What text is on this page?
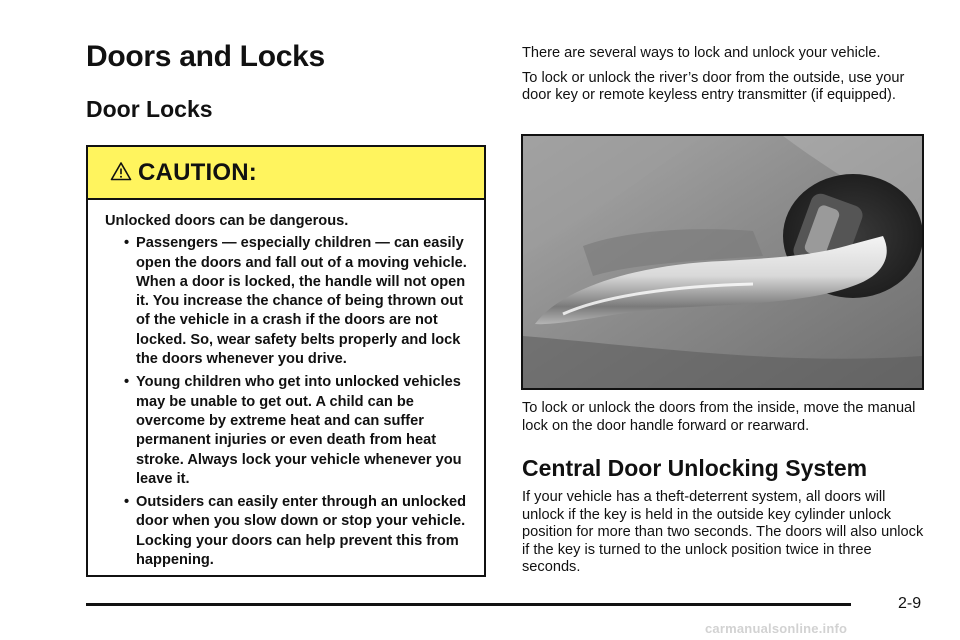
Doors and Locks
Door Locks
CAUTION:
Unlocked doors can be dangerous.
• Passengers — especially children — can easily open the doors and fall out of a moving vehicle. When a door is locked, the handle will not open it. You increase the chance of being thrown out of the vehicle in a crash if the doors are not locked. So, wear safety belts properly and lock the doors whenever you drive.
• Young children who get into unlocked vehicles may be unable to get out. A child can be overcome by extreme heat and can suffer permanent injuries or even death from heat stroke. Always lock your vehicle whenever you leave it.
• Outsiders can easily enter through an unlocked door when you slow down or stop your vehicle. Locking your doors can help prevent this from happening.

There are several ways to lock and unlock your vehicle.

To lock or unlock the river’s door from the outside, use your door key or remote keyless entry transmitter (if equipped).

To lock or unlock the doors from the inside, move the manual lock on the door handle forward or rearward.

Central Door Unlocking System

If your vehicle has a theft-deterrent system, all doors will unlock if the key is held in the outside key cylinder unlock position for more than two seconds. The doors will also unlock if the key is turned to the unlock position twice in three seconds.

2-9
carmanualsonline.info
